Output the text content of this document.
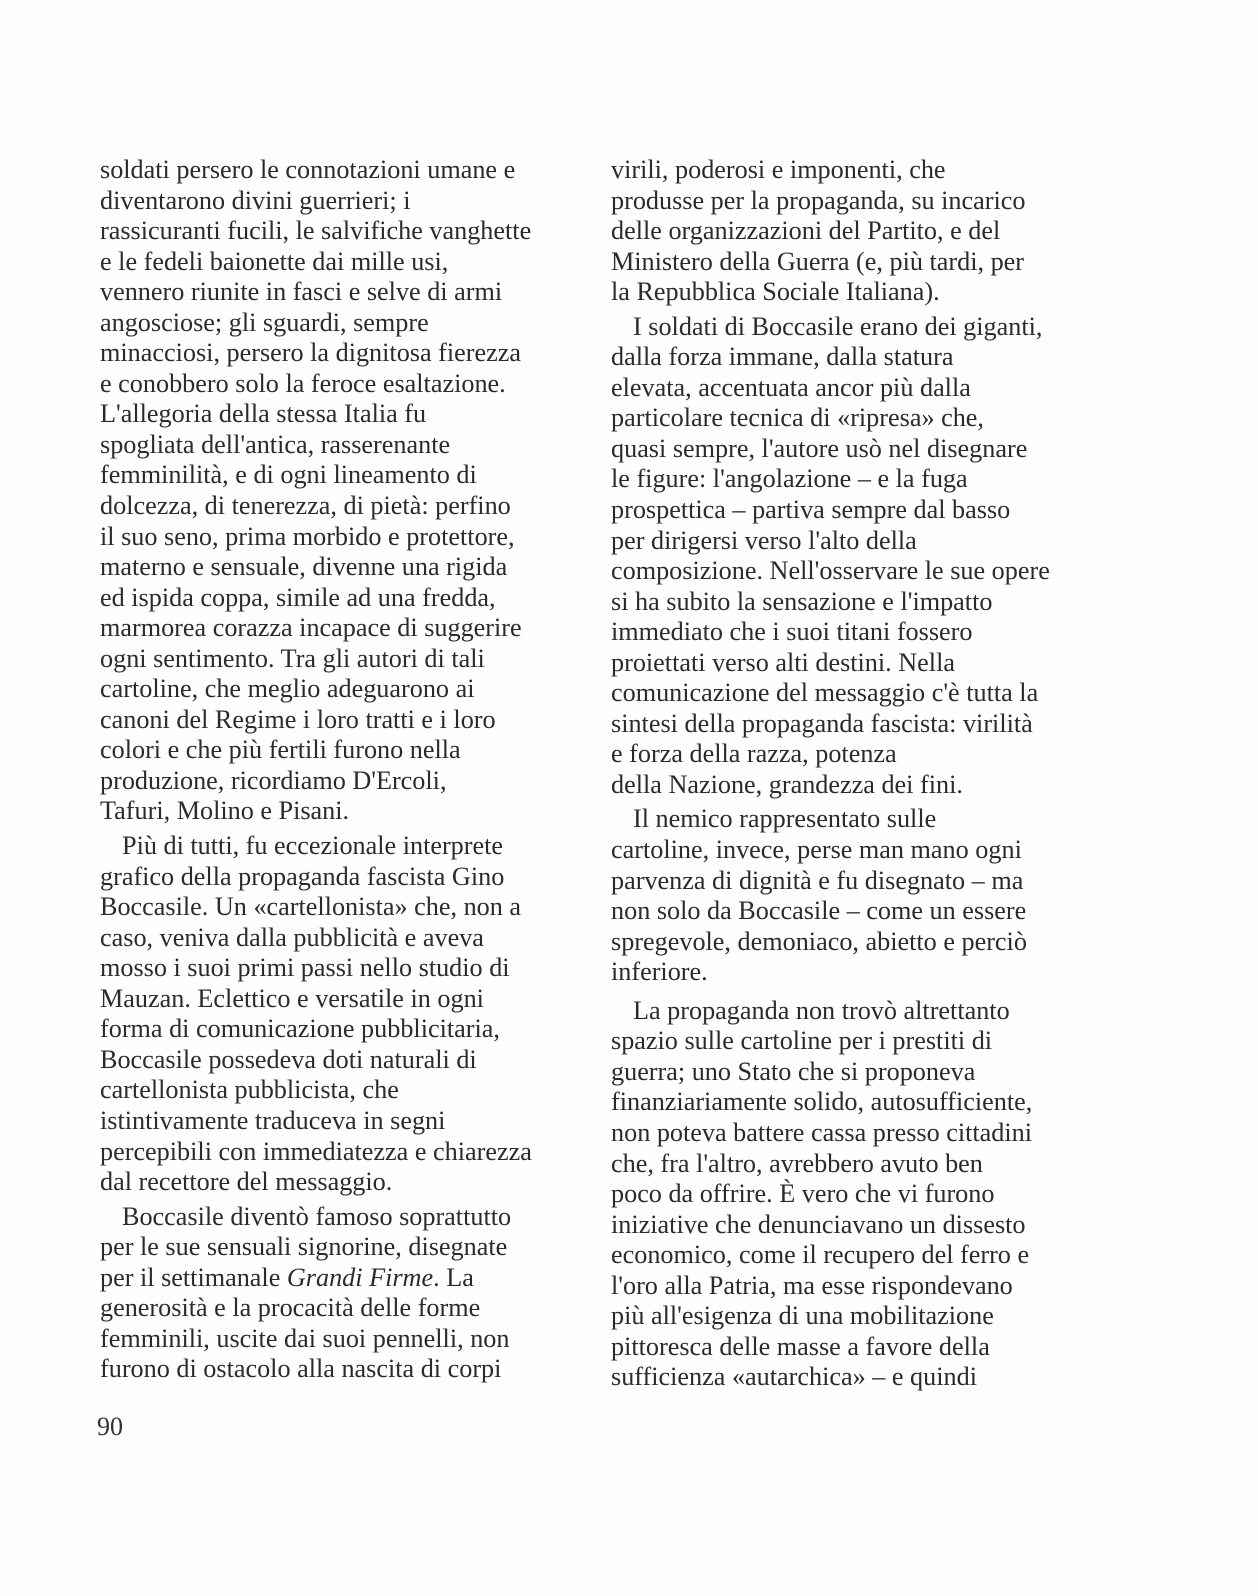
soldati persero le connotazioni umane e
diventarono divini guerrieri; i
rassicuranti fucili, le salvifiche vanghette
e le fedeli baionette dai mille usi,
vennero riunite in fasci e selve di armi
angosciose; gli sguardi, sempre
minacciosi, persero la dignitosa fierezza
e conobbero solo la feroce esaltazione.
L'allegoria della stessa Italia fu
spogliata dell'antica, rasserenante
femminilità, e di ogni lineamento di
dolcezza, di tenerezza, di pietà: perfino
il suo seno, prima morbido e protettore,
materno e sensuale, divenne una rigida
ed ispida coppa, simile ad una fredda,
marmorea corazza incapace di suggerire
ogni sentimento. Tra gli autori di tali
cartoline, che meglio adeguarono ai
canoni del Regime i loro tratti e i loro
colori e che più fertili furono nella
produzione, ricordiamo D'Ercoli,
Tafuri, Molino e Pisani.
Più di tutti, fu eccezionale interprete
grafico della propaganda fascista Gino
Boccasile. Un «cartellonista» che, non a
caso, veniva dalla pubblicità e aveva
mosso i suoi primi passi nello studio di
Mauzan. Eclettico e versatile in ogni
forma di comunicazione pubblicitaria,
Boccasile possedeva doti naturali di
cartellonista pubblicista, che
istintivamente traduceva in segni
percepibili con immediatezza e chiarezza
dal recettore del messaggio.
Boccasile diventò famoso soprattutto
per le sue sensuali signorine, disegnate
per il settimanale Grandi Firme. La
generosità e la procacità delle forme
femminili, uscite dai suoi pennelli, non
furono di ostacolo alla nascita di corpi
virili, poderosi e imponenti, che
produsse per la propaganda, su incarico
delle organizzazioni del Partito, e del
Ministero della Guerra (e, più tardi, per
la Repubblica Sociale Italiana).
I soldati di Boccasile erano dei giganti,
dalla forza immane, dalla statura
elevata, accentuata ancor più dalla
particolare tecnica di «ripresa» che,
quasi sempre, l'autore usò nel disegnare
le figure: l'angolazione – e la fuga
prospettica – partiva sempre dal basso
per dirigersi verso l'alto della
composizione. Nell'osservare le sue opere
si ha subito la sensazione e l'impatto
immediato che i suoi titani fossero
proiettati verso alti destini. Nella
comunicazione del messaggio c'è tutta la
sintesi della propaganda fascista: virilità
e forza della razza, potenza
della Nazione, grandezza dei fini.
Il nemico rappresentato sulle
cartoline, invece, perse man mano ogni
parvenza di dignità e fu disegnato – ma
non solo da Boccasile – come un essere
spregevole, demoniaco, abietto e perciò
inferiore.
La propaganda non trovò altrettanto
spazio sulle cartoline per i prestiti di
guerra; uno Stato che si proponeva
finanziariamente solido, autosufficiente,
non poteva battere cassa presso cittadini
che, fra l'altro, avrebbero avuto ben
poco da offrire. È vero che vi furono
iniziative che denunciavano un dissesto
economico, come il recupero del ferro e
l'oro alla Patria, ma esse rispondevano
più all'esigenza di una mobilitazione
pittoresca delle masse a favore della
sufficienza «autarchica» – e quindi
90
